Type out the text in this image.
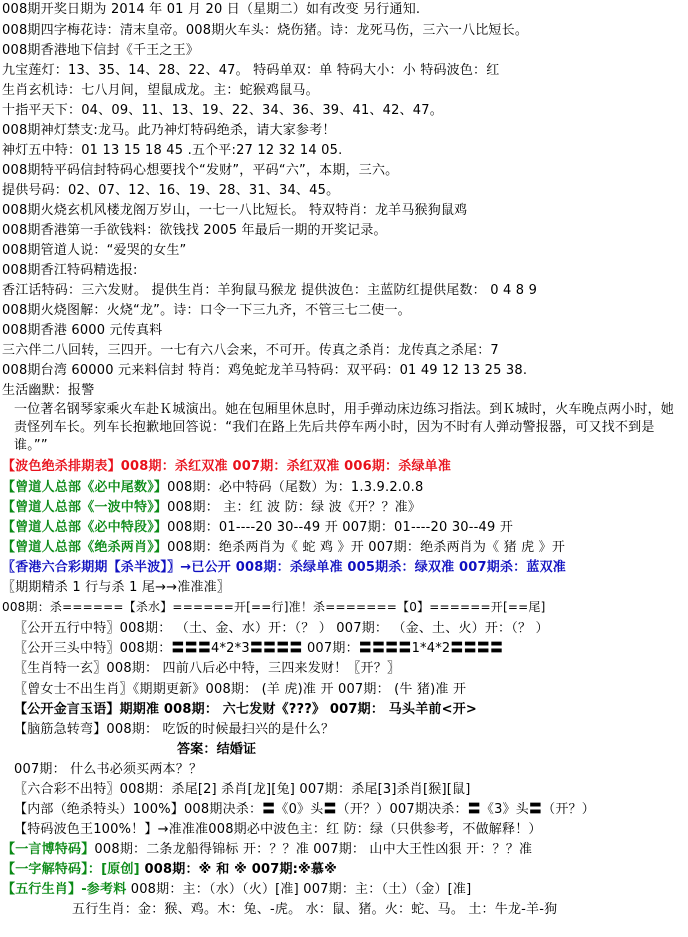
008期开奖日期为 2014 年 01 月 20 日（星期二）如有改变 另行通知.
008期四字梅花诗：清末皇帝。008期火车头：烧伤猪。诗：龙死马伤，三六一八比短长。
008期香港地下信封《千王之王》
九宝莲灯：13、35、14、28、22、47。 特码单双：单 特码大小：小 特码波色：红
生肖玄机诗：七八月间，望鼠成龙。主：蛇猴鸡鼠马。
十指平天下：04、09、11、13、19、22、34、36、39、41、42、47。
008期神灯禁支:龙马。此乃神灯特码绝杀，请大家参考！
神灯五中特：01 13 15 18 45 .五个平:27 12 32 14 05.
008期特平码信封特码心想要找个“发财”，平码“六”，本期，三六。
提供号码：02、07、12、16、19、28、31、34、45。
008期火烧玄机风楼龙阁万岁山，一七一八比短长。 特双特肖：龙羊马猴狗鼠鸡
008期香港第一手欲钱料：欲钱找 2005 年最后一期的开奖记录。
008期管道人说：“爱哭的女生”
008期香江特码精选报:
香江话特码：三六发财。 提供生肖：羊狗鼠马猴龙 提供波色：主蓝防红提供尾数： 0 4 8 9
008期火烧图解：火烧“龙”。诗：口令一下三九齐，不管三七二使一。
008期香港 6000 元传真料
三六伴二八回转，三四开。一七有六八会来，不可开。传真之杀肖：龙传真之杀尾：7
008期台湾 60000 元来料信封 特肖：鸡兔蛇龙羊马特码：双平码：01 49 12 13 25 38.
生活幽默：报警
一位著名钢琴家乘火车赴Ｋ城演出。她在包厢里休息时，用手弹动床边练习指法。到Ｋ城时，火车晚点两小时，她责怪列车长。列车长抱歉地回答说：“我们在路上先后共停车两小时，因为不时有人弹动警报器，可又找不到是谁。””
【波色绝杀排期表】008期：杀红双准 007期：杀红双准 006期：杀绿单准
【曾道人总部《必中尾数》】008期：必中特码（尾数）为：1.3.9.2.0.8
【曾道人总部《一波中特》】008期： 主：红 波 防：绿 波《开？？准》
【曾道人总部《必中特段》】008期：01----20 30--49 开 007期：01----20 30--49 开
【曾道人总部《绝杀两肖》】008期：绝杀两肖为《 蛇 鸡 》开 007期：绝杀两肖为《 猪 虎 》开
〖香港六合彩期期【杀半波】〗→已公开 008期：杀绿单准 005期杀：绿双准 007期杀：蓝双准
〖期期精杀 1 行与杀 1 尾→→准准准〗
008期：杀======【杀水】======开[==行]准！杀=======【0】======开[==尾]
〖公开五行中特〗008期： （土、金、水）开：（？ ） 007期： （金、土、火）开：（？ ）
〖公开三头中特〗008期：〓〓〓4*2*3〓〓〓〓 007期：〓〓〓〓1*4*2〓〓〓〓
〖生肖特一玄〗008期： 四前八后必中特，三四来发财！〖开？〗
〖曾女士不出生肖〗《期期更新》008期： (羊 虎)准 开 007期： (牛 猪)准 开
【公开金言玉语】期期准 008期： 六七发财《???》 007期： 马头羊前<开>
【脑筋急转弯】008期： 吃饭的时候最扫兴的是什么？
答案：结婚证
007期： 什么书必须买两本？？
〖六合彩不出特〗008期：杀尾[2] 杀肖[龙][兔] 007期：杀尾[3]杀肖[猴][鼠]
【内部（绝杀特头）100%】008期决杀：〓《0》头〓（开？）007期决杀：〓《3》头〓（开？）
【特码波色王100%！】→准准准008期必中波色主：红 防：绿（只供参考，不做解释！）
【一言博特码】008期：二条龙船得锦标 开：？？准 007期： 山中大王性凶狠 开：？？准
【一字解特码】：[原创] 008期：※ 和 ※ 007期:※慕※
【五行生肖】-参考料 008期：主：（水）（火）[准] 007期：主：（土）（金）[准]
五行生肖：金：猴、鸡。木：兔、-虎。 水：鼠、猪。火：蛇、马。 土：牛龙-羊-狗
